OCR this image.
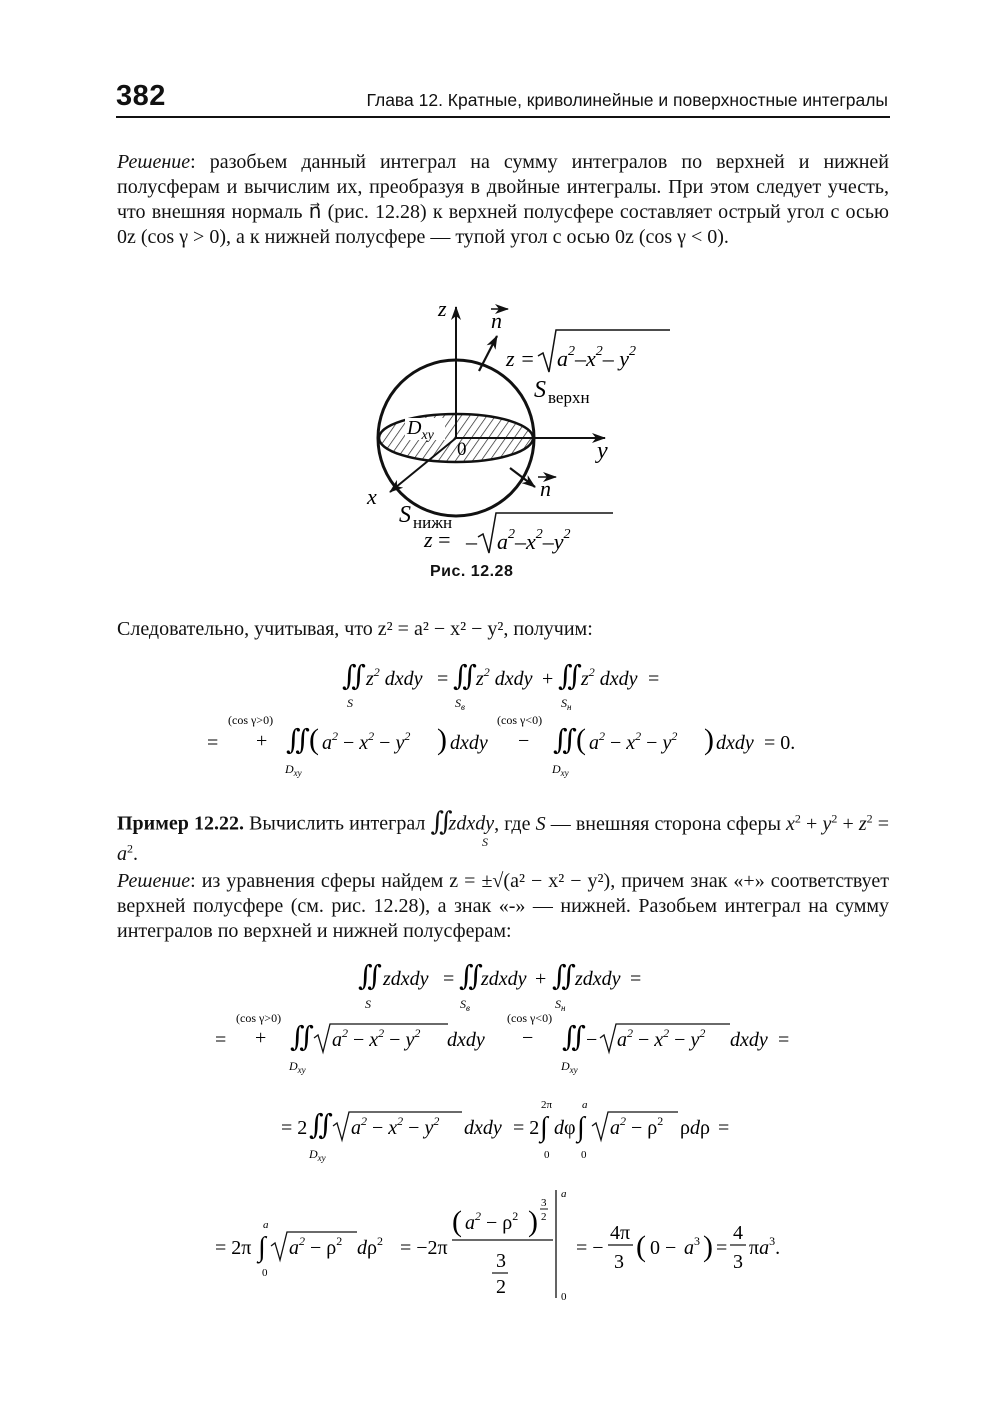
382	Глава 12. Кратные, криволинейные и поверхностные интегралы
Решение: разобьем данный интеграл на сумму интегралов по верхней и нижней полусферам и вычислим их, преобразуя в двойные интегралы. При этом следует учесть, что внешняя нормаль n⃗ (рис. 12.28) к верхней полусфере составляет острый угол с осью 0z (cos γ > 0), а к нижней полусфере — тупой угол с осью 0z (cos γ < 0).
z
y
x
n
n
0
$D_{xy}$
$z = a^2-x^2-$ $y^2$
S верхн
S нижн
z = – $a^2-x^2-y^2$
Рис. 12.28
Следовательно, учитывая, что z² = a² − x² − y², получим:
∬
S
$z^2$ dxdy = ∬
$S_в$
$z^2$ dxdy + ∬
$S_н$
$z^2$ dxdy =
=
(cos γ>0)
+ ∬
$D_{xy}$
( $a^2 - x^2 - y^2$ ) dxdy
(cos γ<0)
− ∬
$D_{xy}$
( $a^2 - x^2 - y^2$ ) dxdy = 0.
Пример 12.22. Вычислить интеграл ∬zdxdy, где S — внешняя сторона сферы $x^2 + y^2 + z^2 = a^2$.
S
Решение: из уравнения сферы найдем z = ±√(a² − x² − y²), причем знак «+» соответствует верхней полусфере (см. рис. 12.28), а знак «-» — нижней. Разобьем интеграл на сумму интегралов по верхней и нижней полусферам:
∬
S
zdxdy = ∬
$S_в$
zdxdy + ∬
$S_н$
zdxdy =
=
(cos γ>0)
+ ∬
$D_{xy}$
$a^2 - x^2 - y^2$ dxdy
(cos γ<0)
− ∬
$D_{xy}$
− $a^2 - x^2 - y^2$ dxdy =
= 2 ∬
$D_{xy}$
$a^2 - x^2 - y^2$ dxdy = 2
2π
∫
0
dφ
a
∫
0
$a^2 - \rho^2$ ρdρ =
= 2π
a
∫
0
$a^2 - \rho^2$ $d\rho^2 = -2\pi$
( $a^2 - \rho^2$ )
3
2
3
2
a
0
= −
4π
3 ( $0 - a^3$ ) =
4
3
$\pi a^3$.
